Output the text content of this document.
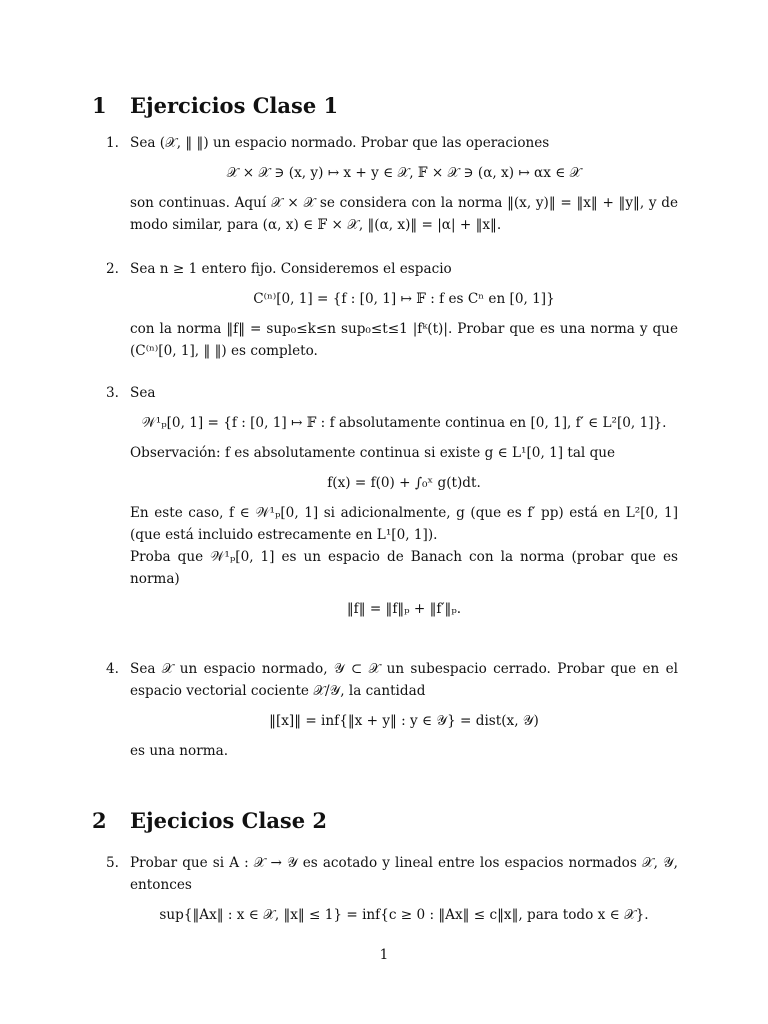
1 Ejercicios Clase 1
1. Sea (𝒳, ‖ ‖) un espacio normado. Probar que las operaciones

𝒳 × 𝒳 ∋ (x, y) ↦ x + y ∈ 𝒳, 𝔽 × 𝒳 ∋ (α, x) ↦ αx ∈ 𝒳

son continuas. Aquí 𝒳 × 𝒳 se considera con la norma ‖(x, y)‖ = ‖x‖ + ‖y‖, y de modo similar, para (α, x) ∈ 𝔽 × 𝒳, ‖(α, x)‖ = |α| + ‖x‖.

2. Sea n ≥ 1 entero fijo. Consideremos el espacio

C⁽ⁿ⁾[0, 1] = {f : [0, 1] ↦ 𝔽 : f es Cⁿ en [0, 1]}

con la norma ‖f‖ = sup₀≤k≤n sup₀≤t≤1 |fᵏ(t)|. Probar que es una norma y que (C⁽ⁿ⁾[0, 1], ‖ ‖) es completo.

3. Sea

𝒲¹ₚ[0, 1] = {f : [0, 1] ↦ 𝔽 : f absolutamente continua en [0, 1], f′ ∈ L²[0, 1]}.

Observación: f es absolutamente continua si existe g ∈ L¹[0, 1] tal que

f(x) = f(0) + ∫₀ˣ g(t)dt.

En este caso, f ∈ 𝒲¹ₚ[0, 1] si adicionalmente, g (que es f′ pp) está en L²[0, 1] (que está incluido estrecamente en L¹[0, 1]).

Proba que 𝒲¹ₚ[0, 1] es un espacio de Banach con la norma (probar que es norma)

‖f‖ = ‖f‖ₚ + ‖f′‖ₚ.
4. Sea 𝒳 un espacio normado, 𝒴 ⊂ 𝒳 un subespacio cerrado. Probar que en el espacio vectorial cociente 𝒳/𝒴, la cantidad

‖[x]‖ = inf{‖x + y‖ : y ∈ 𝒴} = dist(x, 𝒴)

es una norma.

2 Ejecicios Clase 2
5. Probar que si A : 𝒳 → 𝒴 es acotado y lineal entre los espacios normados 𝒳, 𝒴, entonces

sup{‖Ax‖ : x ∈ 𝒳, ‖x‖ ≤ 1} = inf{c ≥ 0 : ‖Ax‖ ≤ c‖x‖, para todo x ∈ 𝒳}.
1
